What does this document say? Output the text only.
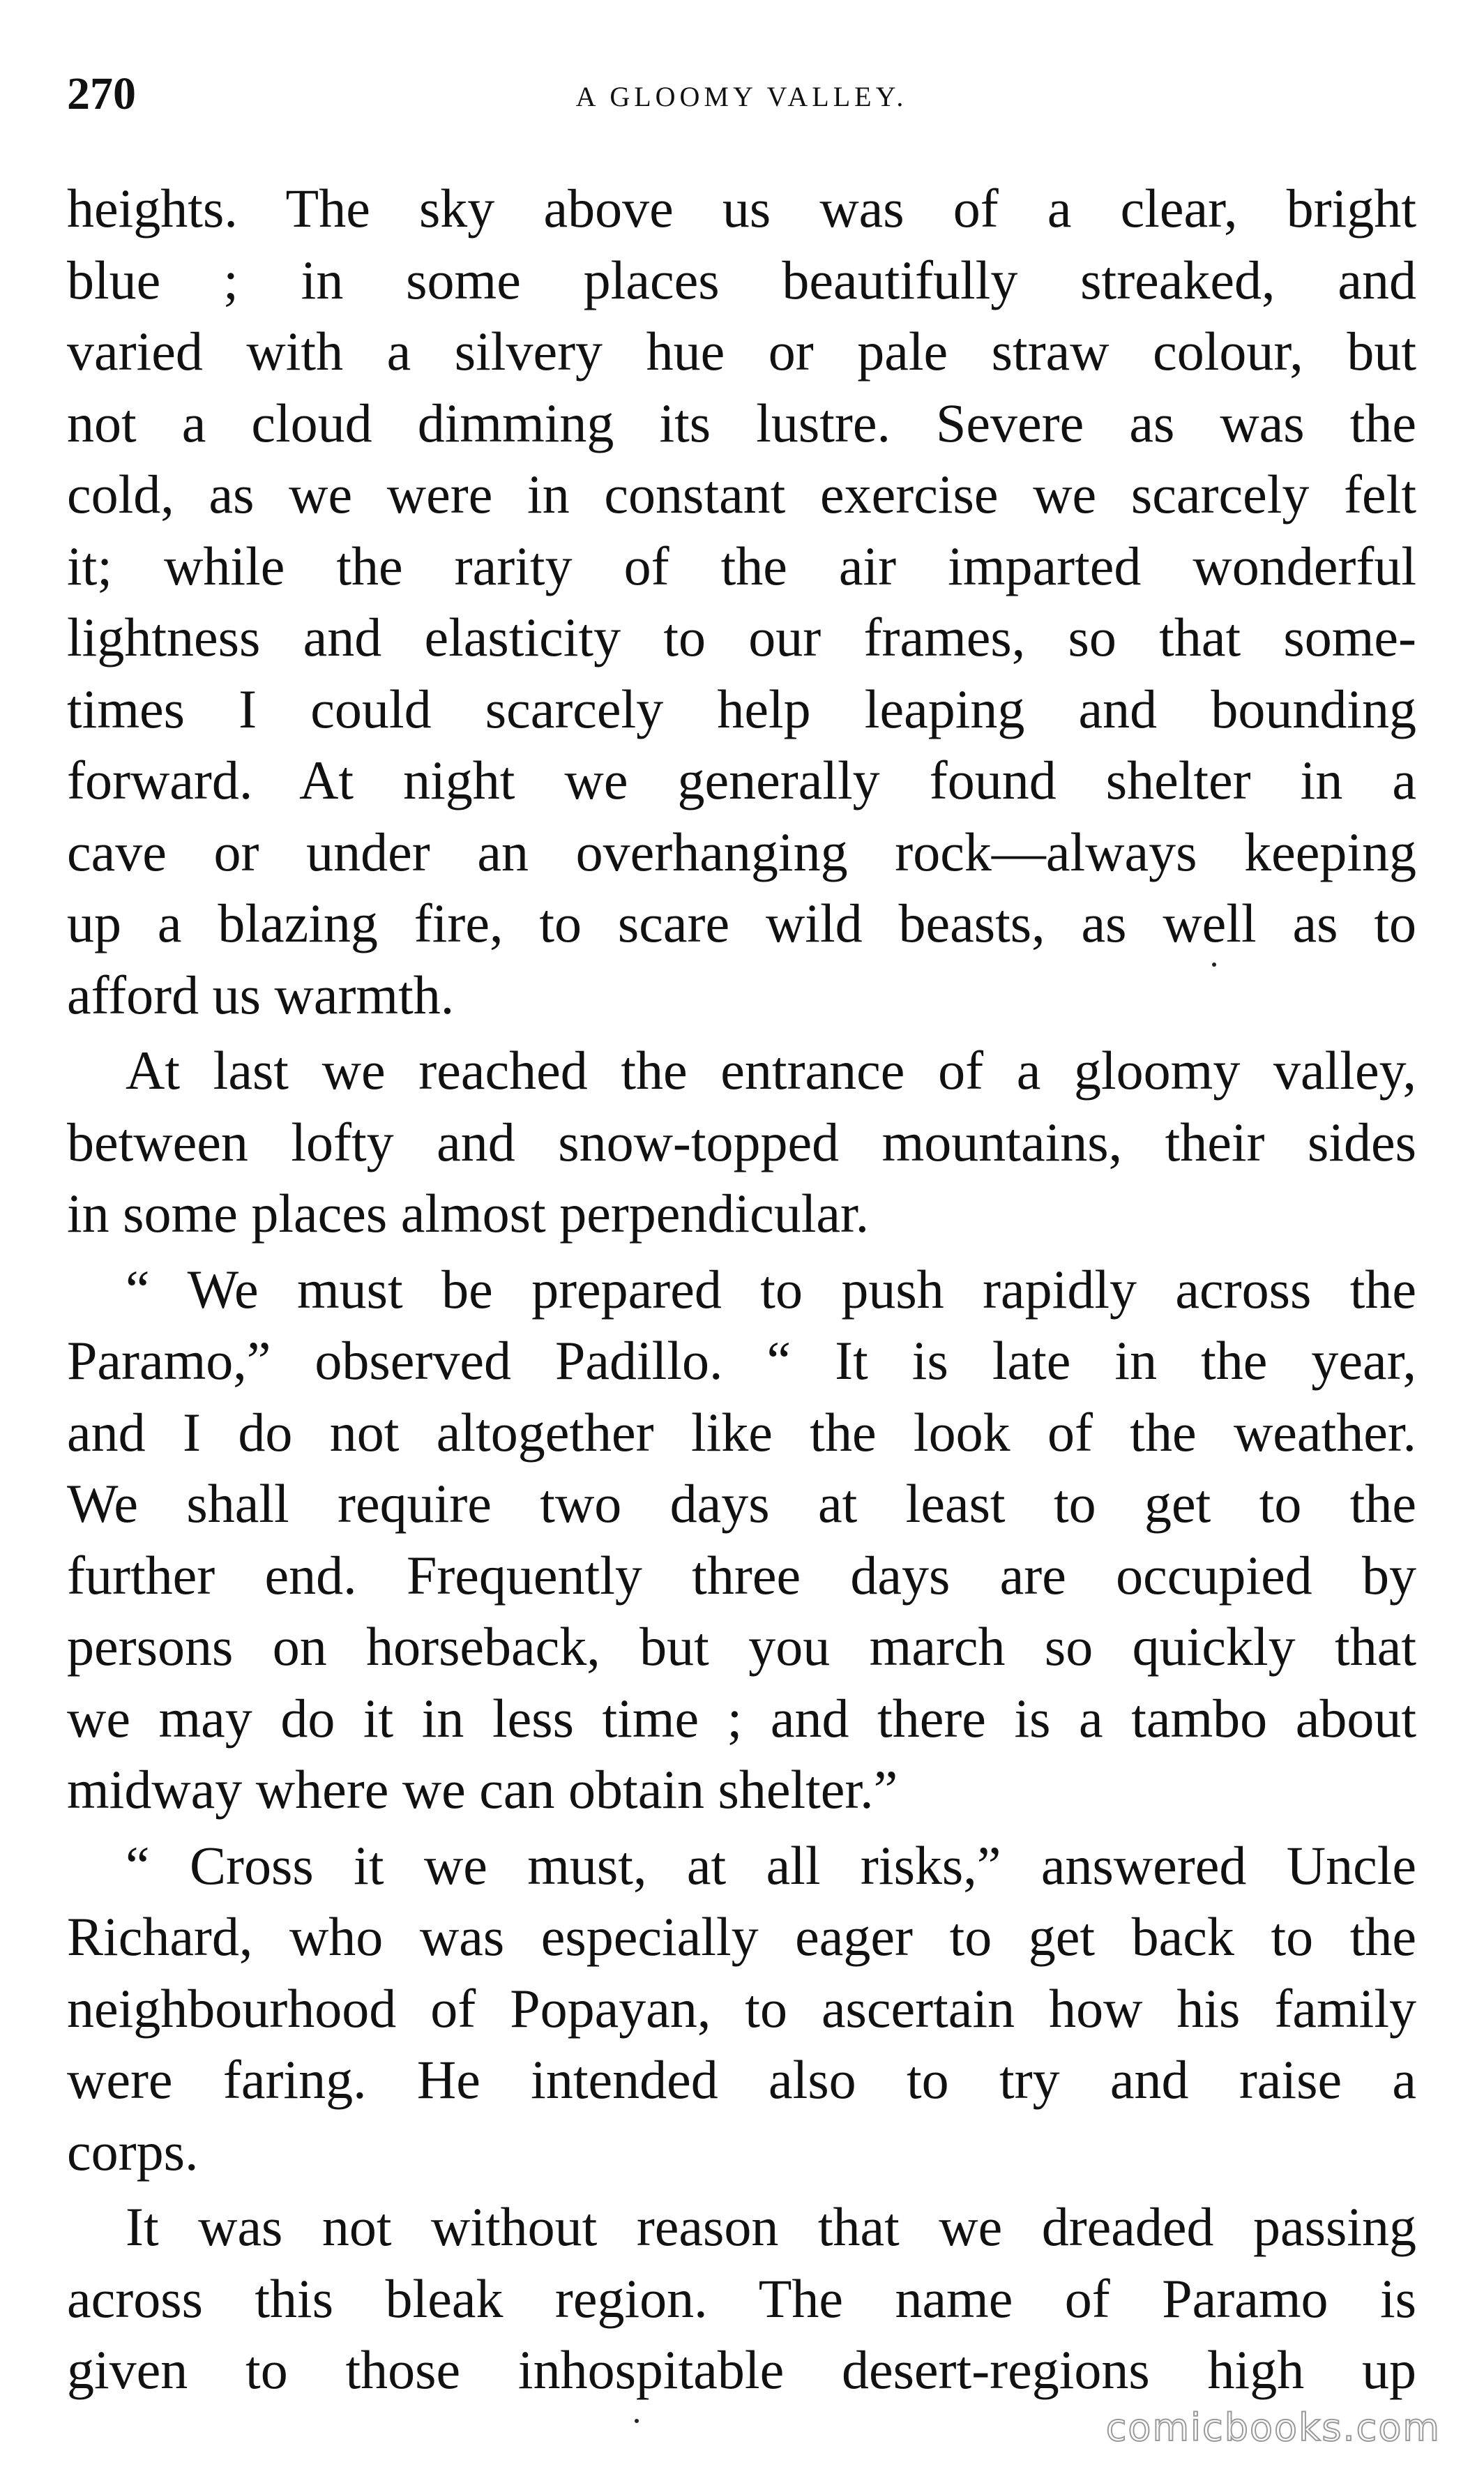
270	A GLOOMY VALLEY.
heights. The sky above us was of a clear, bright
blue ; in some places beautifully streaked, and
varied with a silvery hue or pale straw colour, but
not a cloud dimming its lustre. Severe as was the
cold, as we were in constant exercise we scarcely felt
it; while the rarity of the air imparted wonderful
lightness and elasticity to our frames, so that some-
times I could scarcely help leaping and bounding
forward. At night we generally found shelter in a
cave or under an overhanging rock—always keeping
up a blazing fire, to scare wild beasts, as well as to
afford us warmth.
At last we reached the entrance of a gloomy valley,
between lofty and snow-topped mountains, their sides
in some places almost perpendicular.
“ We must be prepared to push rapidly across the
Paramo,” observed Padillo. “ It is late in the year,
and I do not altogether like the look of the weather.
We shall require two days at least to get to the
further end. Frequently three days are occupied by
persons on horseback, but you march so quickly that
we may do it in less time ; and there is a tambo about
midway where we can obtain shelter.”
“ Cross it we must, at all risks,” answered Uncle
Richard, who was especially eager to get back to the
neighbourhood of Popayan, to ascertain how his family
were faring. He intended also to try and raise a
corps.
It was not without reason that we dreaded passing
across this bleak region. The name of Paramo is
given to those inhospitable desert-regions high up
comicbooks.com
